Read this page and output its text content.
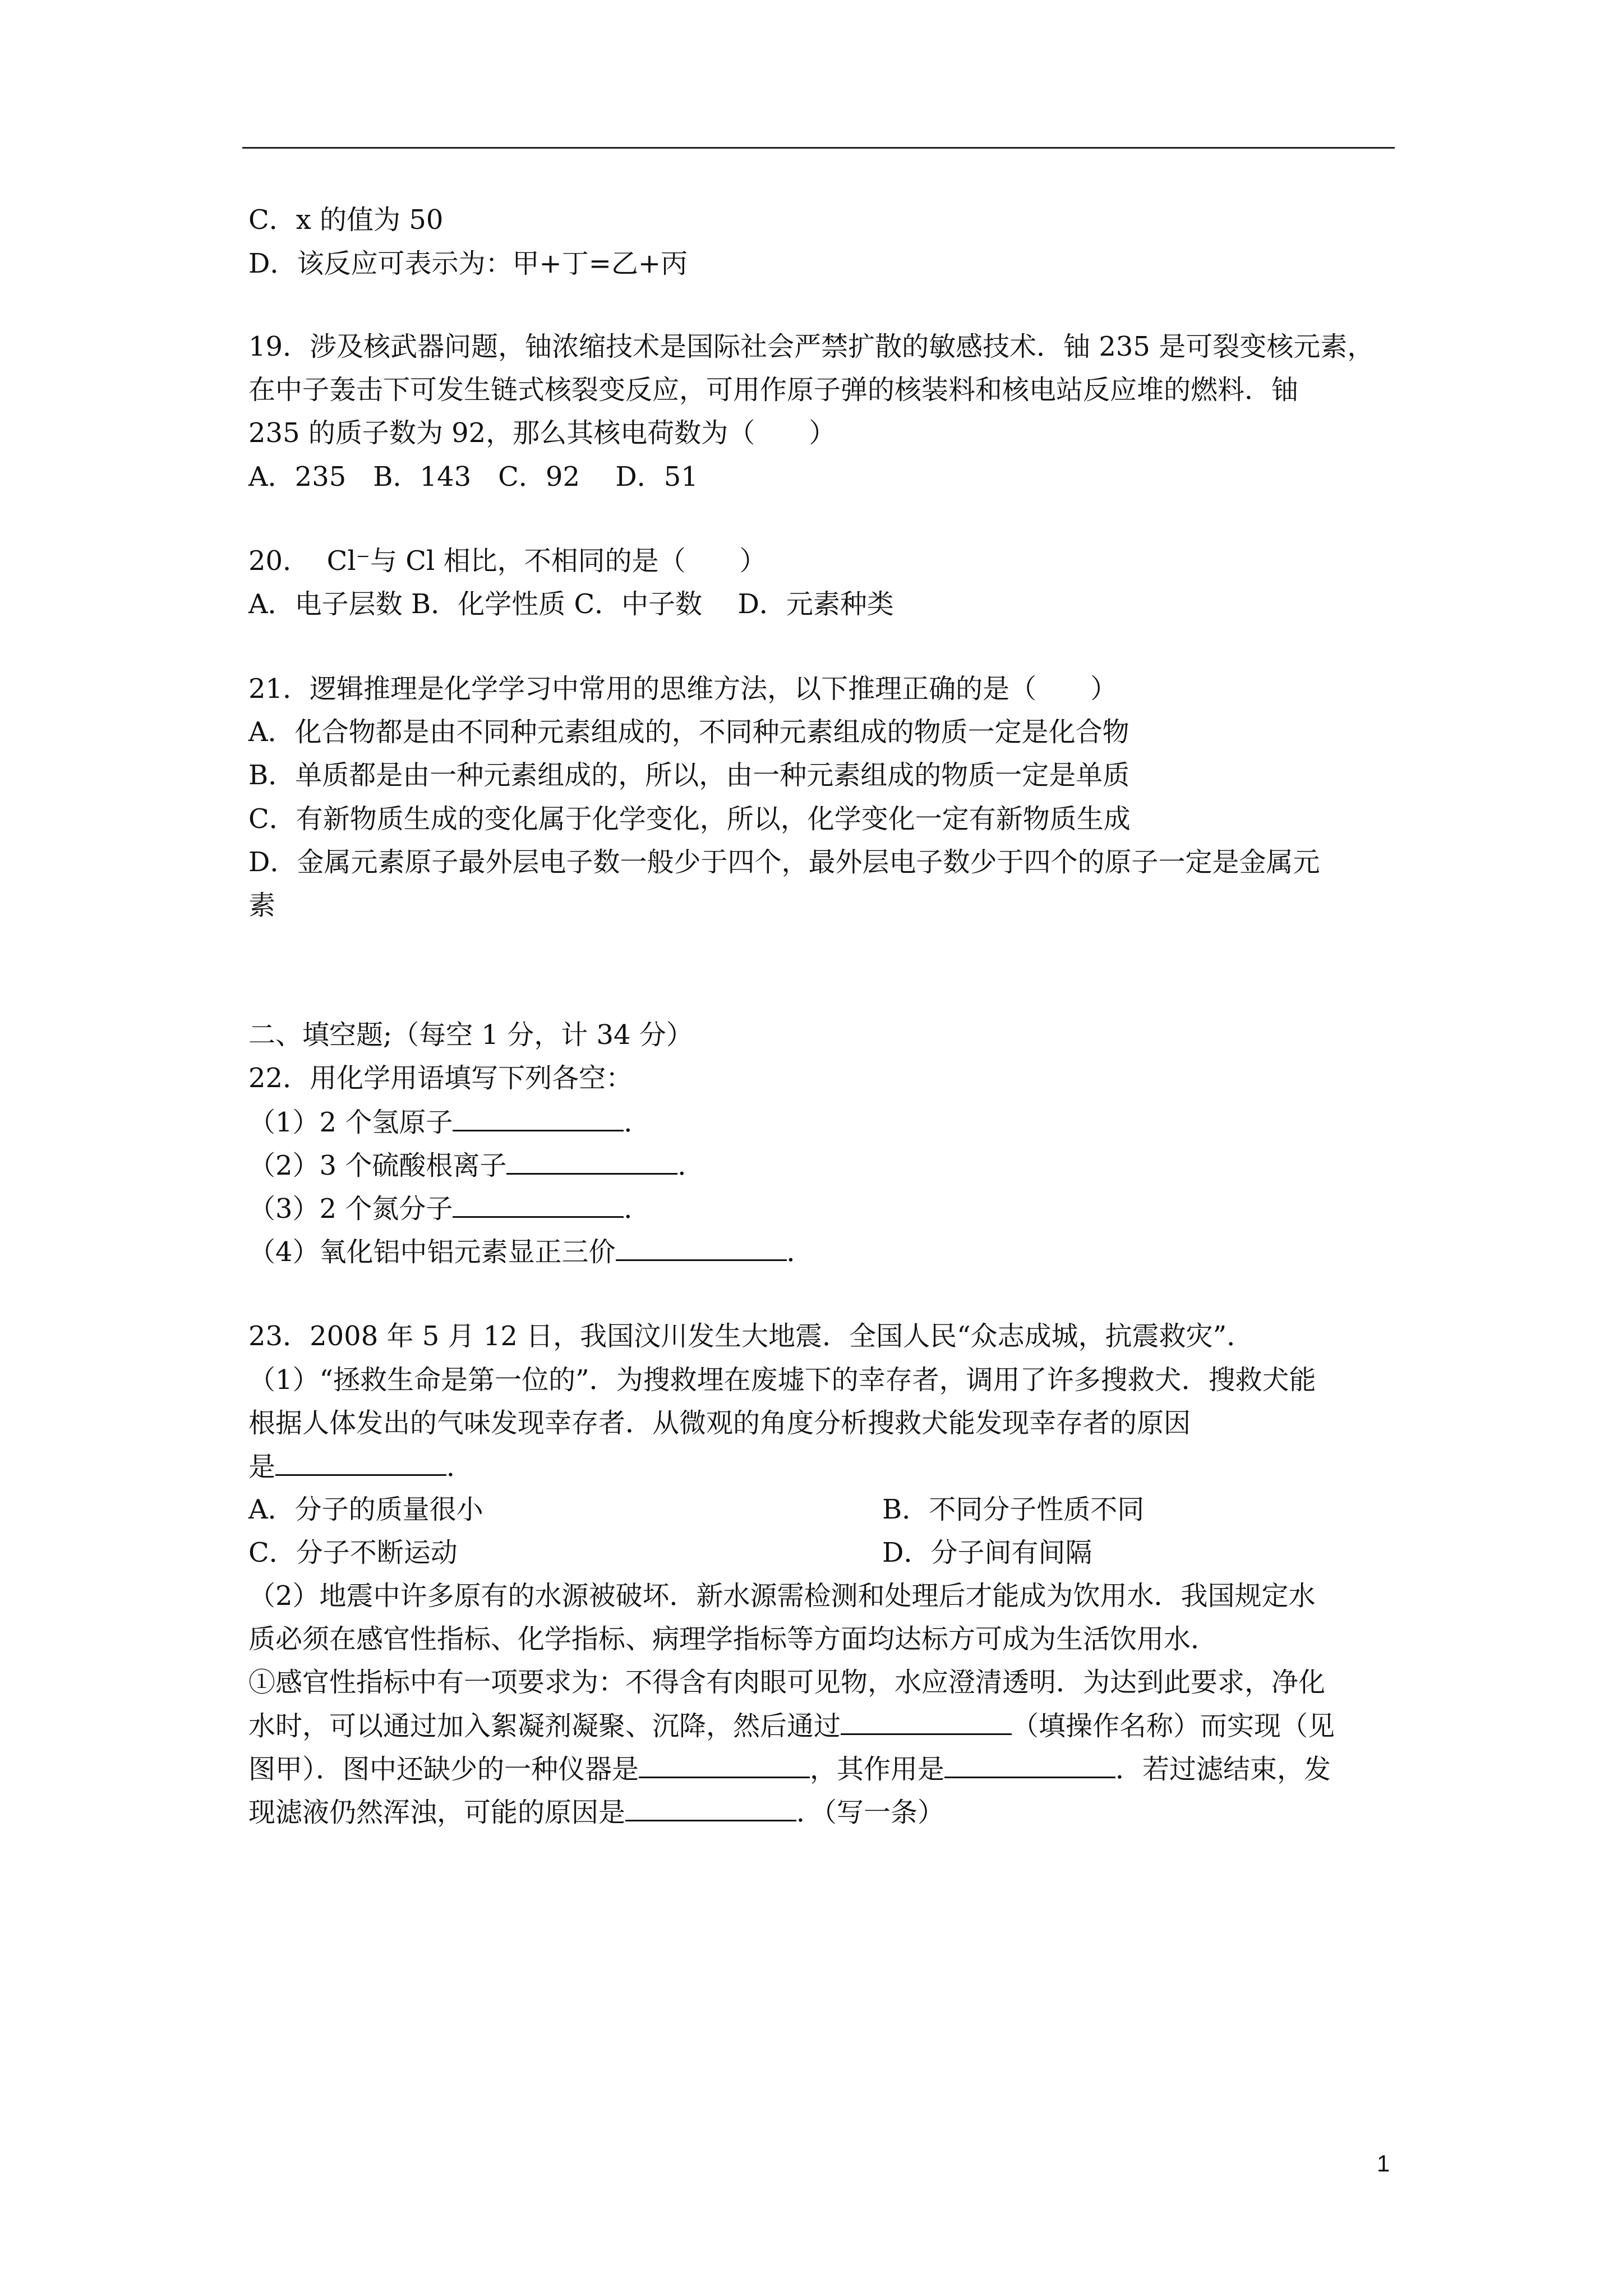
C．x 的值为 50
D．该反应可表示为：甲+丁=乙+丙
19．涉及核武器问题，铀浓缩技术是国际社会严禁扩散的敏感技术．铀 235 是可裂变核元素，
在中子轰击下可发生链式核裂变反应，可用作原子弹的核装料和核电站反应堆的燃料．铀
235 的质子数为 92，那么其核电荷数为（　　）
A．235　B．143　C．92　 D．51
20．  Cl⁻与 Cl 相比，不相同的是（　　）
A．电子层数 B．化学性质 C．中子数　 D．元素种类
21．逻辑推理是化学学习中常用的思维方法，以下推理正确的是（　　）
A．化合物都是由不同种元素组成的，不同种元素组成的物质一定是化合物
B．单质都是由一种元素组成的，所以，由一种元素组成的物质一定是单质
C．有新物质生成的变化属于化学变化，所以，化学变化一定有新物质生成
D．金属元素原子最外层电子数一般少于四个，最外层电子数少于四个的原子一定是金属元
素
二、填空题;（每空 1 分，计 34 分）
22．用化学用语填写下列各空：
（1）2 个氢原子	．
（2）3 个硫酸根离子	．
（3）2 个氮分子	．
（4）氧化铝中铝元素显正三价	．
23．2008 年 5 月 12 日，我国汶川发生大地震．全国人民“众志成城，抗震救灾”．
（1）“拯救生命是第一位的”．为搜救埋在废墟下的幸存者，调用了许多搜救犬．搜救犬能
根据人体发出的气味发现幸存者．从微观的角度分析搜救犬能发现幸存者的原因
是	．
A．分子的质量很小	B．不同分子性质不同
C．分子不断运动	D．分子间有间隔
（2）地震中许多原有的水源被破坏．新水源需检测和处理后才能成为饮用水．我国规定水
质必须在感官性指标、化学指标、病理学指标等方面均达标方可成为生活饮用水．
①感官性指标中有一项要求为：不得含有肉眼可见物，水应澄清透明．为达到此要求，净化
水时，可以通过加入絮凝剂凝聚、沉降，然后通过	（填操作名称）而实现（见
图甲）．图中还缺少的一种仪器是	，其作用是	．若过滤结束，发
现滤液仍然浑浊，可能的原因是	．（写一条）
1
